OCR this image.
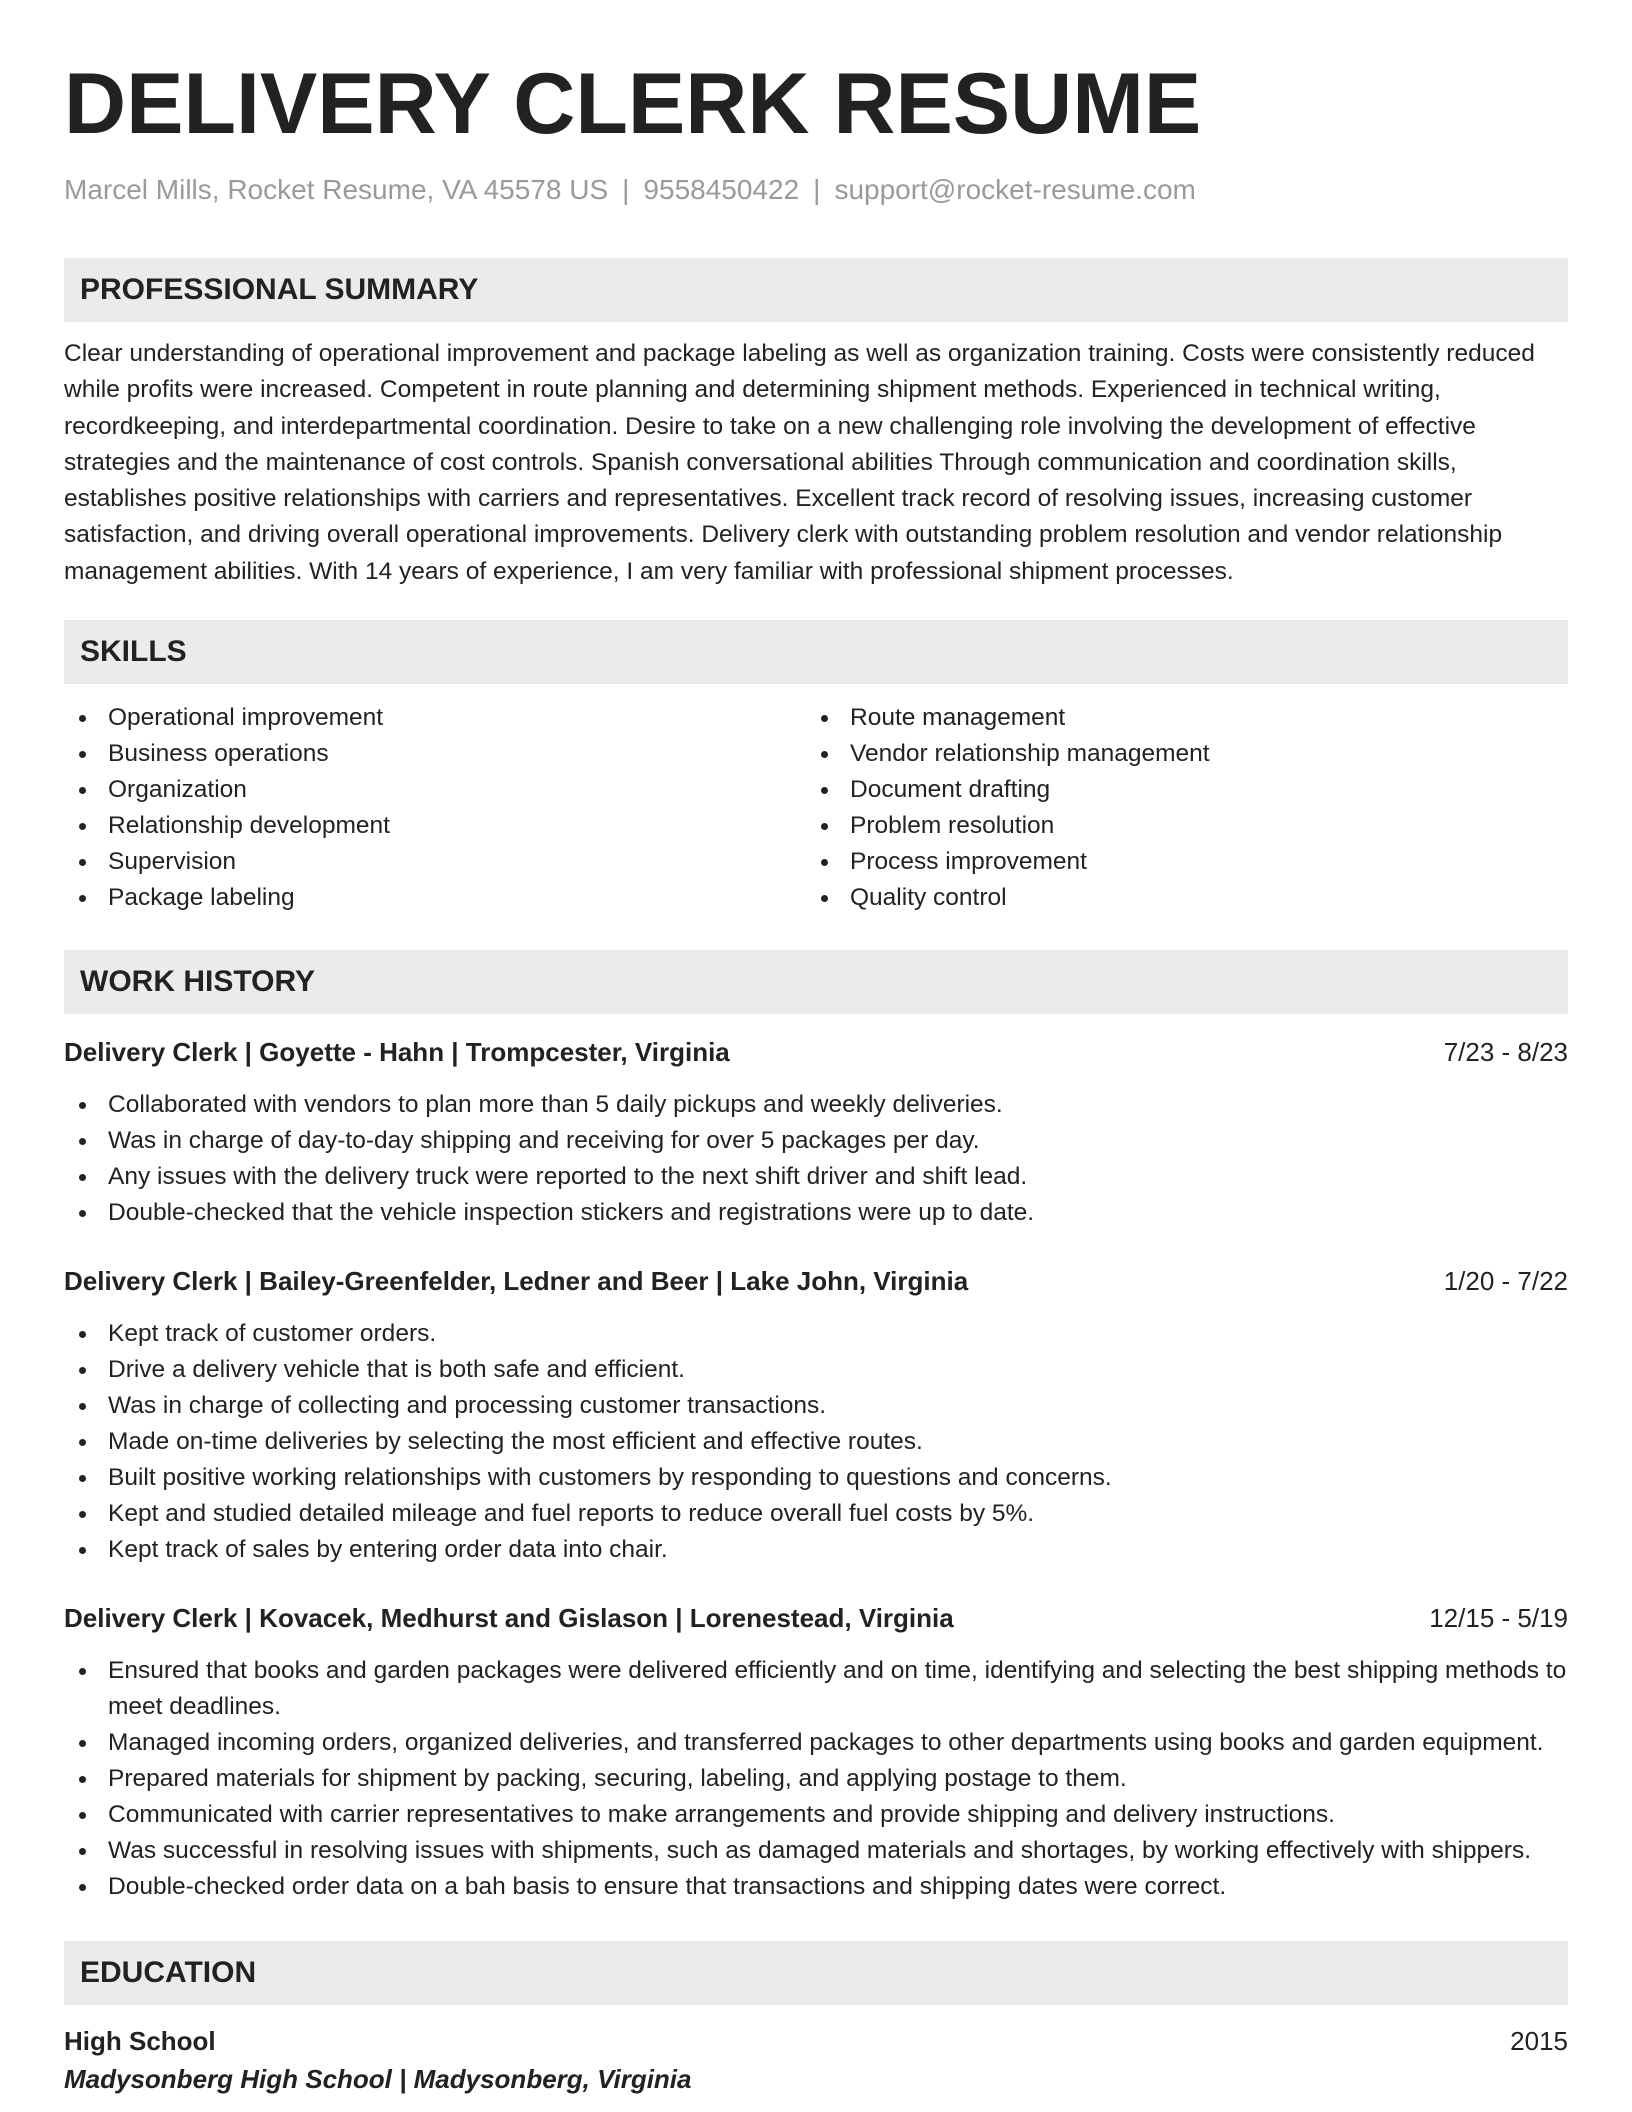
DELIVERY CLERK RESUME
Marcel Mills, Rocket Resume, VA 45578 US | 9558450422 | support@rocket-resume.com
PROFESSIONAL SUMMARY
Clear understanding of operational improvement and package labeling as well as organization training. Costs were consistently reduced while profits were increased. Competent in route planning and determining shipment methods. Experienced in technical writing, recordkeeping, and interdepartmental coordination. Desire to take on a new challenging role involving the development of effective strategies and the maintenance of cost controls. Spanish conversational abilities Through communication and coordination skills, establishes positive relationships with carriers and representatives. Excellent track record of resolving issues, increasing customer satisfaction, and driving overall operational improvements. Delivery clerk with outstanding problem resolution and vendor relationship management abilities. With 14 years of experience, I am very familiar with professional shipment processes.
SKILLS
Operational improvement
Business operations
Organization
Relationship development
Supervision
Package labeling
Route management
Vendor relationship management
Document drafting
Problem resolution
Process improvement
Quality control
WORK HISTORY
Delivery Clerk | Goyette - Hahn | Trompcester, Virginia	7/23 - 8/23
Collaborated with vendors to plan more than 5 daily pickups and weekly deliveries.
Was in charge of day-to-day shipping and receiving for over 5 packages per day.
Any issues with the delivery truck were reported to the next shift driver and shift lead.
Double-checked that the vehicle inspection stickers and registrations were up to date.
Delivery Clerk | Bailey-Greenfelder, Ledner and Beer | Lake John, Virginia	1/20 - 7/22
Kept track of customer orders.
Drive a delivery vehicle that is both safe and efficient.
Was in charge of collecting and processing customer transactions.
Made on-time deliveries by selecting the most efficient and effective routes.
Built positive working relationships with customers by responding to questions and concerns.
Kept and studied detailed mileage and fuel reports to reduce overall fuel costs by 5%.
Kept track of sales by entering order data into chair.
Delivery Clerk | Kovacek, Medhurst and Gislason | Lorenestead, Virginia	12/15 - 5/19
Ensured that books and garden packages were delivered efficiently and on time, identifying and selecting the best shipping methods to meet deadlines.
Managed incoming orders, organized deliveries, and transferred packages to other departments using books and garden equipment.
Prepared materials for shipment by packing, securing, labeling, and applying postage to them.
Communicated with carrier representatives to make arrangements and provide shipping and delivery instructions.
Was successful in resolving issues with shipments, such as damaged materials and shortages, by working effectively with shippers.
Double-checked order data on a bah basis to ensure that transactions and shipping dates were correct.
EDUCATION
High School	2015
Madysonberg High School | Madysonberg, Virginia
